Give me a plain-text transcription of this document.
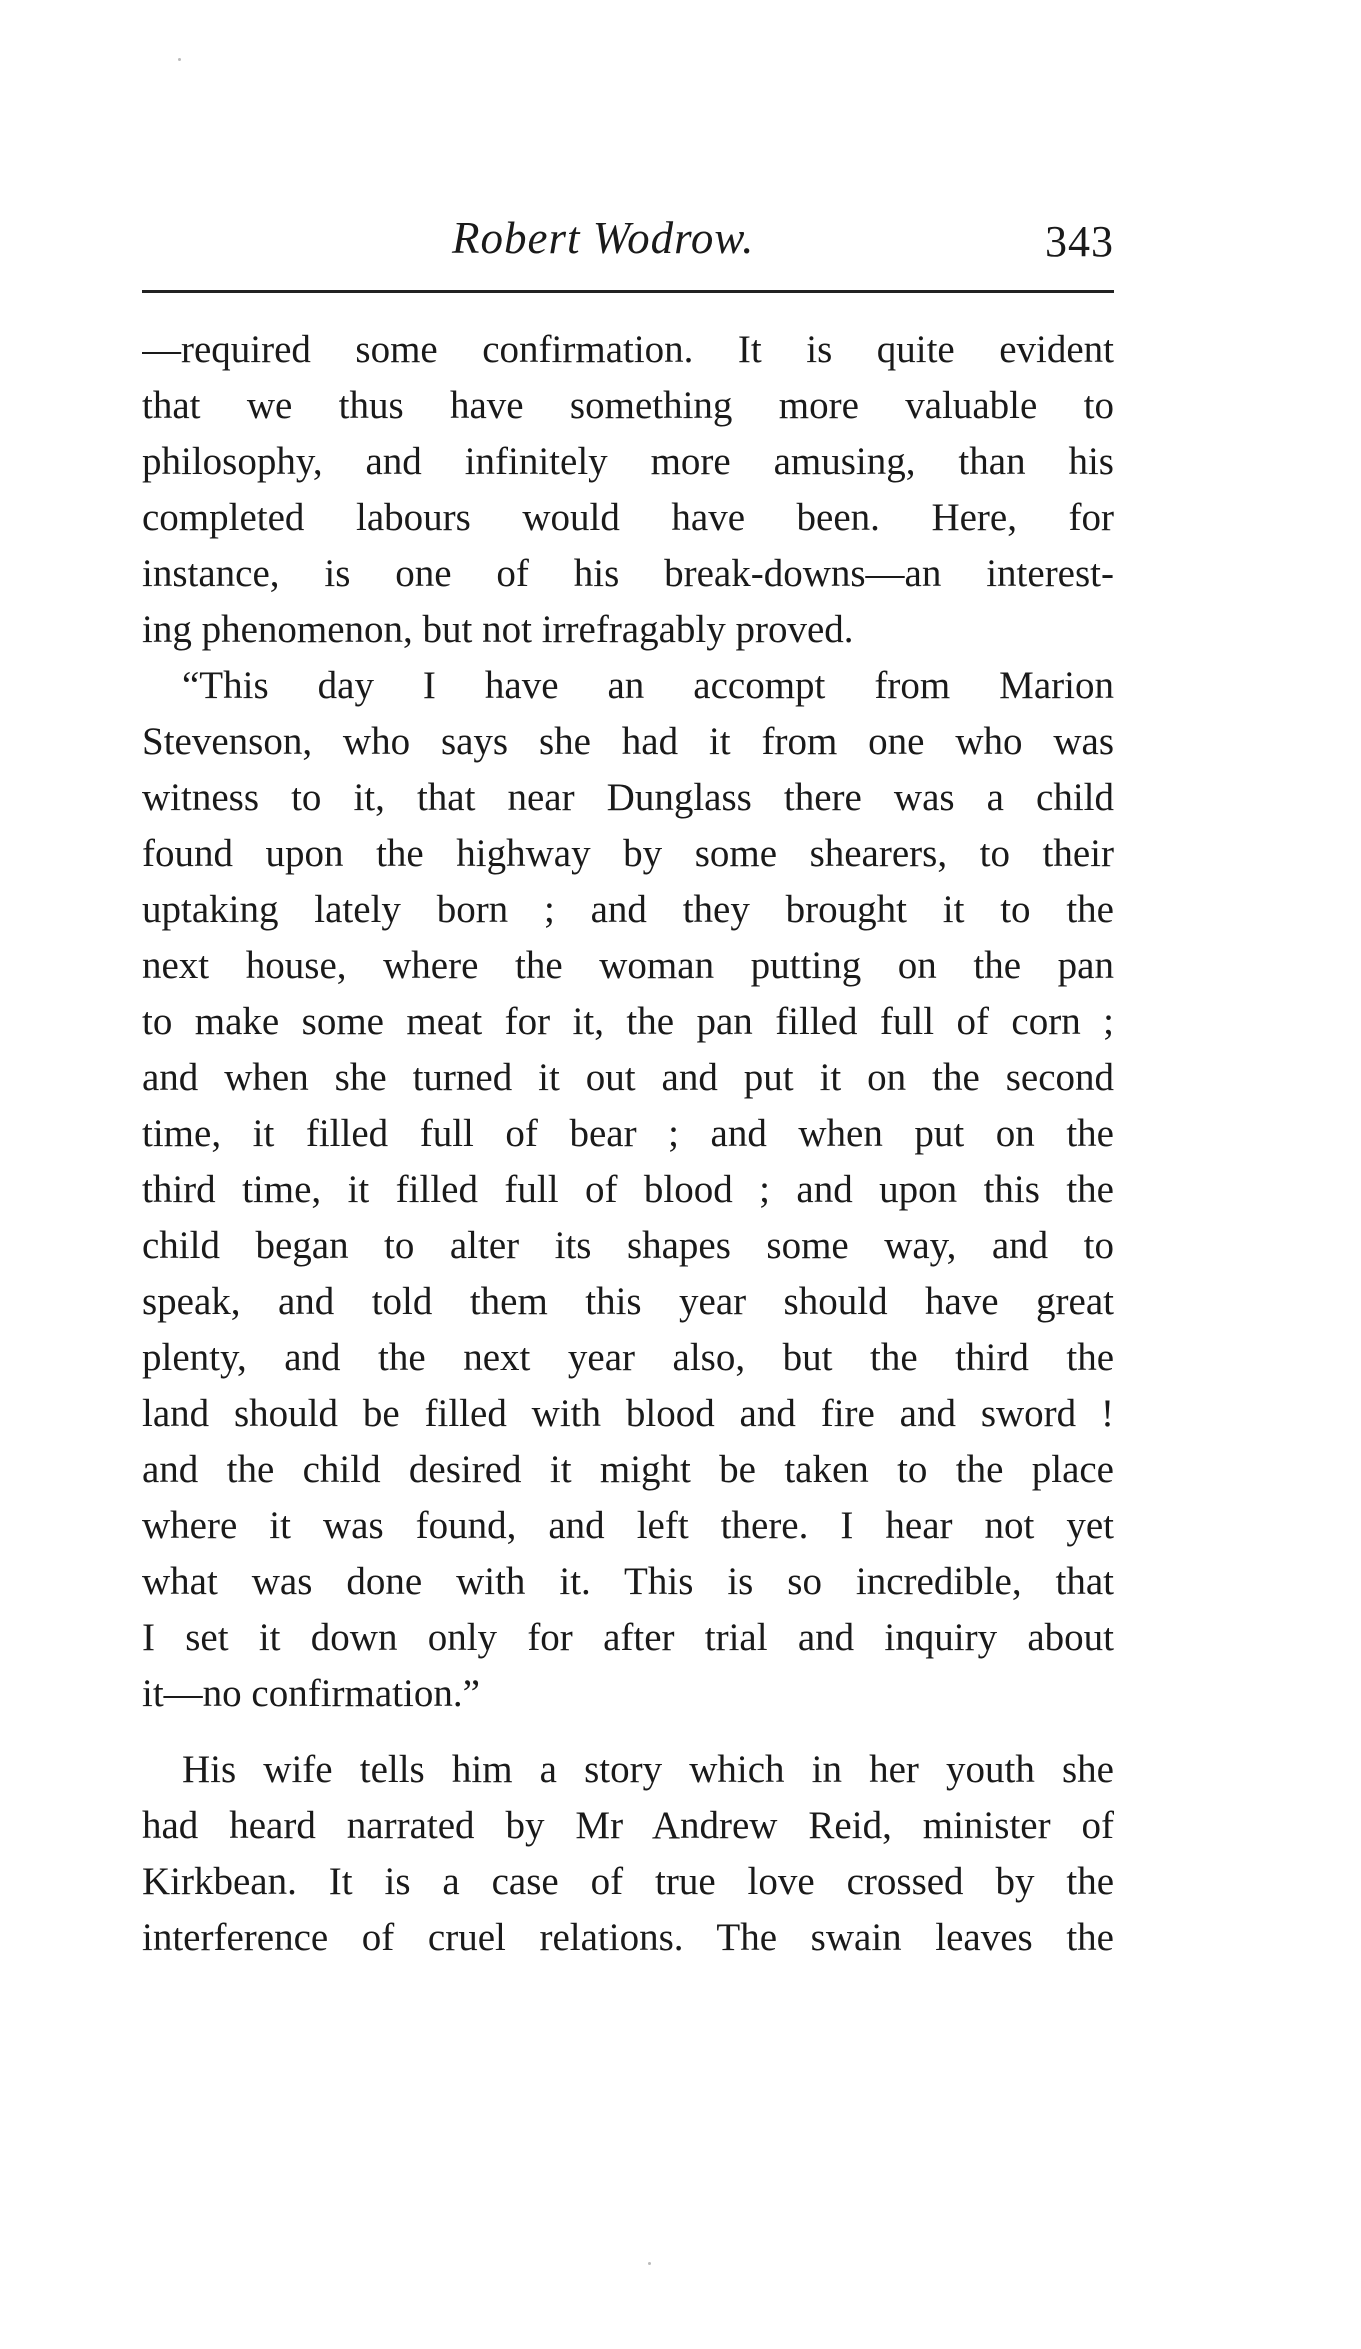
Robert Wodrow.	343
—required some confirmation. It is quite evident
that we thus have something more valuable to
philosophy, and infinitely more amusing, than his
completed labours would have been. Here, for
instance, is one of his break-downs—an interest-
ing phenomenon, but not irrefragably proved.
“This day I have an accompt from Marion
Stevenson, who says she had it from one who was
witness to it, that near Dunglass there was a child
found upon the highway by some shearers, to their
uptaking lately born ; and they brought it to the
next house, where the woman putting on the pan
to make some meat for it, the pan filled full of corn ;
and when she turned it out and put it on the second
time, it filled full of bear ; and when put on the
third time, it filled full of blood ; and upon this the
child began to alter its shapes some way, and to
speak, and told them this year should have great
plenty, and the next year also, but the third the
land should be filled with blood and fire and sword !
and the child desired it might be taken to the place
where it was found, and left there. I hear not yet
what was done with it. This is so incredible, that
I set it down only for after trial and inquiry about
it—no confirmation.”
His wife tells him a story which in her youth she
had heard narrated by Mr Andrew Reid, minister of
Kirkbean. It is a case of true love crossed by the
interference of cruel relations. The swain leaves the
